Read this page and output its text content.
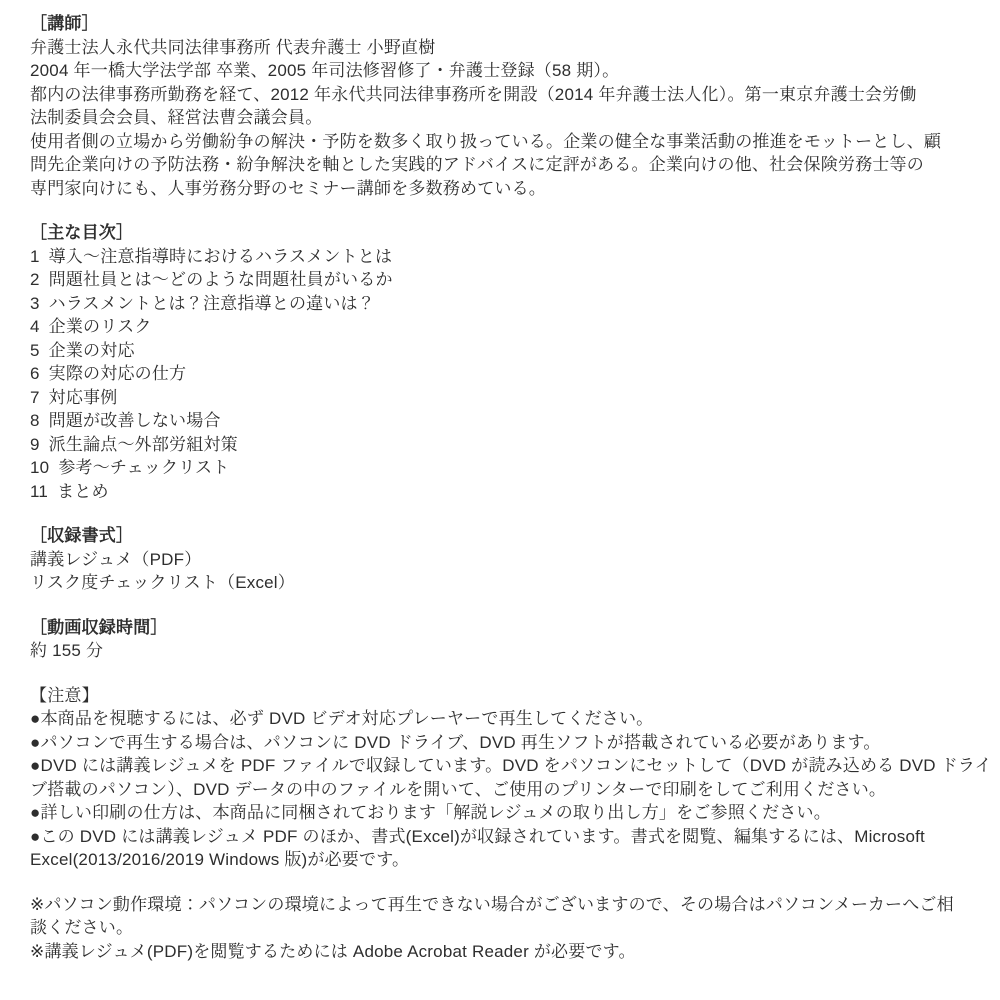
［講師］
弁護士法人永代共同法律事務所 代表弁護士 小野直樹
2004 年一橋大学法学部 卒業、2005 年司法修習修了・弁護士登録（58 期）。
都内の法律事務所勤務を経て、2012 年永代共同法律事務所を開設（2014 年弁護士法人化）。第一東京弁護士会労働
法制委員会会員、経営法曹会議会員。
使用者側の立場から労働紛争の解決・予防を数多く取り扱っている。企業の健全な事業活動の推進をモットーとし、顧
問先企業向けの予防法務・紛争解決を軸とした実践的アドバイスに定評がある。企業向けの他、社会保険労務士等の
専門家向けにも、人事労務分野のセミナー講師を多数務めている。
［主な目次］
1 導入～注意指導時におけるハラスメントとは
2 問題社員とは～どのような問題社員がいるか
3 ハラスメントとは？注意指導との違いは？
4 企業のリスク
5 企業の対応
6 実際の対応の仕方
7 対応事例
8 問題が改善しない場合
9 派生論点～外部労組対策
10 参考～チェックリスト
11 まとめ
［収録書式］
講義レジュメ（PDF）
リスク度チェックリスト（Excel）
［動画収録時間］
約 155 分
【注意】
●本商品を視聴するには、必ず DVD ビデオ対応プレーヤーで再生してください。
●パソコンで再生する場合は、パソコンに DVD ドライブ、DVD 再生ソフトが搭載されている必要があります。
●DVD には講義レジュメを PDF ファイルで収録しています。DVD をパソコンにセットして（DVD が読み込める DVD ドライ
ブ搭載のパソコン）、DVD データの中のファイルを開いて、ご使用のプリンターで印刷をしてご利用ください。
●詳しい印刷の仕方は、本商品に同梱されております「解説レジュメの取り出し方」をご参照ください。
●この DVD には講義レジュメ PDF のほか、書式(Excel)が収録されています。書式を閲覧、編集するには、Microsoft
Excel(2013/2016/2019 Windows 版)が必要です。
※パソコン動作環境：パソコンの環境によって再生できない場合がございますので、その場合はパソコンメーカーへご相
談ください。
※講義レジュメ(PDF)を閲覧するためには Adobe Acrobat Reader が必要です。
